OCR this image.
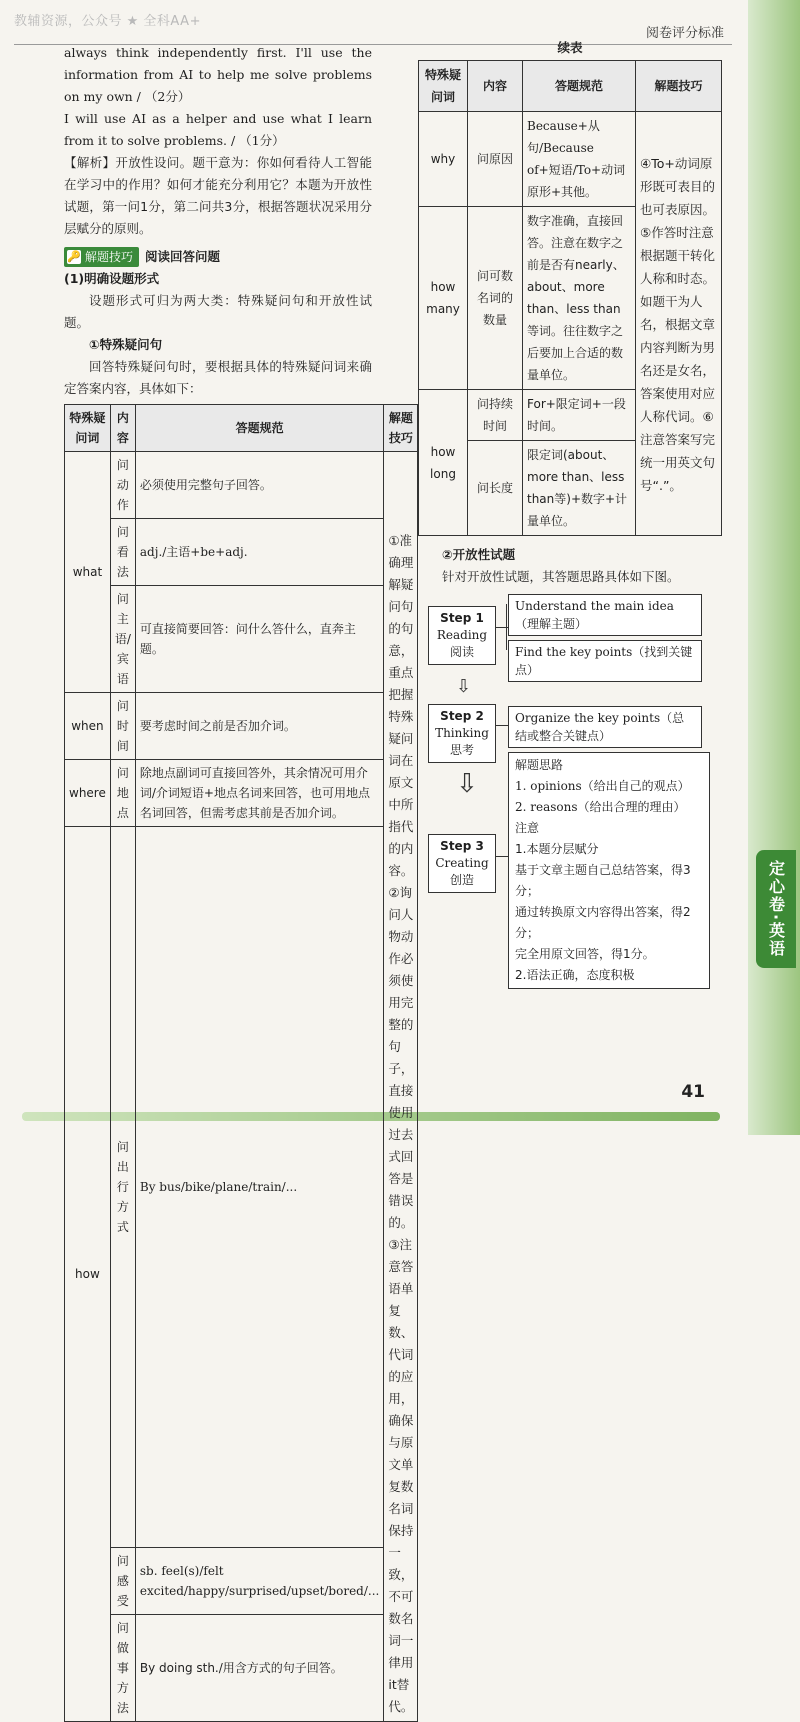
教辅资源，公众号 ★ 全科AA+
阅卷评分标准
定心卷·英语
41

always think independently first. I'll use the information from AI to help me solve problems on my own / （2分）

I will use AI as a helper and use what I learn from it to solve problems. / （1分）

【解析】开放性设问。题干意为：你如何看待人工智能在学习中的作用？如何才能充分利用它？本题为开放性试题，第一问1分，第二问共3分，根据答题状况采用分层赋分的原则。

🔑 解题技巧 阅读回答问题

(1)明确设题形式

设题形式可归为两大类：特殊疑问句和开放性试题。

①特殊疑问句

回答特殊疑问句时，要根据具体的特殊疑问词来确定答案内容，具体如下：

特殊疑问词	内容	答题规范	解题技巧
what	问动作	必须使用完整句子回答。	①准确理解疑问句的句意，重点把握特殊疑问词在原文中所指代的内容。②询问人物动作必须使用完整的句子，直接使用过去式回答是错误的。③注意答语单复数、代词的应用，确保与原文单复数名词保持一致，不可数名词一律用it替代。
	问看法	adj./主语+be+adj.	
	问主语/宾语	可直接简要回答：问什么答什么，直奔主题。	
when	问时间	要考虑时间之前是否加介词。	
where	问地点	除地点副词可直接回答外，其余情况可用介词/介词短语+地点名词来回答，也可用地点名词回答，但需考虑其前是否加介词。	
how	问出行方式	By bus/bike/plane/train/...	
	问感受	sb. feel(s)/felt excited/happy/surprised/upset/bored/...	
	问做事方法	By doing sth./用含方式的句子回答。	
续表
特殊疑问词	内容	答题规范	解题技巧
why	问原因	Because+从句/Because of+短语/To+动词原形+其他。	④To+动词原形既可表目的也可表原因。⑤作答时注意根据题干转化人称和时态。如题干为人名，根据文章内容判断为男名还是女名，答案使用对应人称代词。⑥注意答案写完统一用英文句号“.”。
how many	问可数名词的数量	数字准确，直接回答。注意在数字之前是否有nearly、about、more than、less than等词。往往数字之后要加上合适的数量单位。	
how long	问持续时间	For+限定词+一段时间。	
	问长度	限定词(about、more than、less than等)+数字+计量单位。	

②开放性试题

针对开放性试题，其答题思路具体如下图。

Step 1
Reading
阅读
Understand the main idea（理解主题）
Find the key points（找到关键点）
⇩
Step 2
Thinking
思考
Organize the key points（总结或整合关键点）
⇩
Step 3
Creating
创造
解题思路
1. opinions（给出自己的观点）
2. reasons（给出合理的理由）
注意
1.本题分层赋分
基于文章主题自己总结答案，得3分；
通过转换原文内容得出答案，得2分；
完全用原文回答，得1分。
2.语法正确，态度积极
